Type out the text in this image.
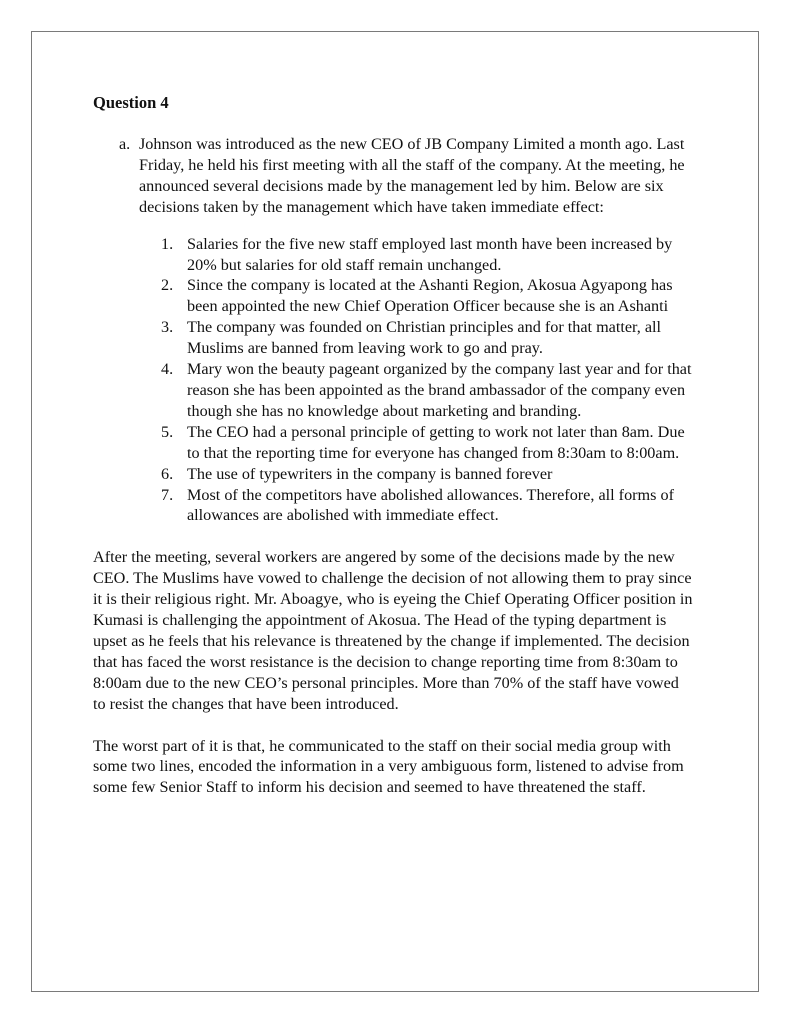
Question 4
a. Johnson was introduced as the new CEO of JB Company Limited a month ago. Last Friday, he held his first meeting with all the staff of the company. At the meeting, he announced several decisions made by the management led by him. Below are six decisions taken by the management which have taken immediate effect:

1. Salaries for the five new staff employed last month have been increased by 20% but salaries for old staff remain unchanged.
2. Since the company is located at the Ashanti Region, Akosua Agyapong has been appointed the new Chief Operation Officer because she is an Ashanti
3. The company was founded on Christian principles and for that matter, all Muslims are banned from leaving work to go and pray.
4. Mary won the beauty pageant organized by the company last year and for that reason she has been appointed as the brand ambassador of the company even though she has no knowledge about marketing and branding.
5. The CEO had a personal principle of getting to work not later than 8am. Due to that the reporting time for everyone has changed from 8:30am to 8:00am.
6. The use of typewriters in the company is banned forever
7. Most of the competitors have abolished allowances. Therefore, all forms of allowances are abolished with immediate effect.

After the meeting, several workers are angered by some of the decisions made by the new CEO. The Muslims have vowed to challenge the decision of not allowing them to pray since it is their religious right. Mr. Aboagye, who is eyeing the Chief Operating Officer position in Kumasi is challenging the appointment of Akosua. The Head of the typing department is upset as he feels that his relevance is threatened by the change if implemented. The decision that has faced the worst resistance is the decision to change reporting time from 8:30am to 8:00am due to the new CEO’s personal principles. More than 70% of the staff have vowed to resist the changes that have been introduced.

The worst part of it is that, he communicated to the staff on their social media group with some two lines, encoded the information in a very ambiguous form, listened to advise from some few Senior Staff to inform his decision and seemed to have threatened the staff.
